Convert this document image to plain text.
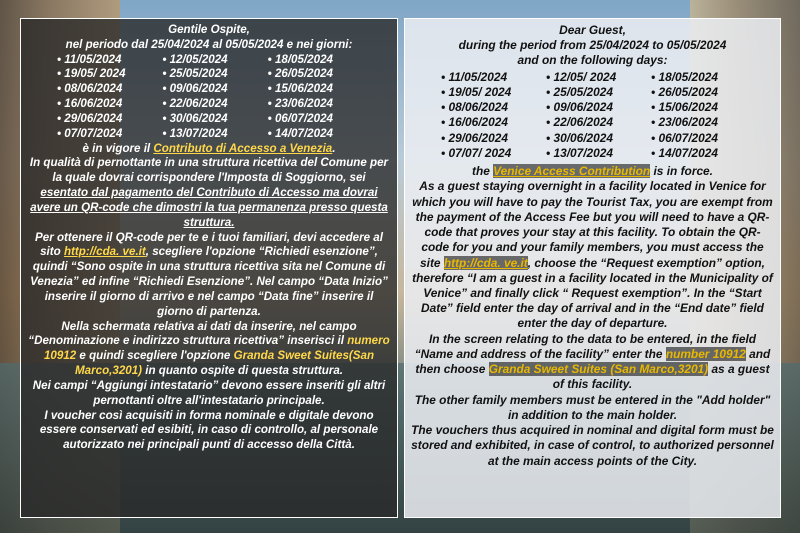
Gentile Ospite,

nel periodo dal 25/04/2024 al 05/05/2024 e nei giorni:

• 11/05/2024	• 12/05/2024	• 18/05/2024
• 19/05/ 2024	• 25/05/2024	• 26/05/2024
• 08/06/2024	• 09/06/2024	• 15/06/2024
• 16/06/2024	• 22/06/2024	• 23/06/2024
• 29/06/2024	• 30/06/2024	• 06/07/2024
• 07/07/2024	• 13/07/2024	• 14/07/2024

è in vigore il Contributo di Accesso a Venezia.

In qualità di pernottante in una struttura ricettiva del Comune per la quale dovrai corrispondere l'Imposta di Soggiorno, sei esentato dal pagamento del Contributo di Accesso ma dovrai avere un QR-code che dimostri la tua permanenza presso questa struttura.

Per ottenere il QR-code per te e i tuoi familiari, devi accedere al sito http://cda. ve.it, scegliere l'opzione “Richiedi esenzione”, quindi “Sono ospite in una struttura ricettiva sita nel Comune di Venezia” ed infine “Richiedi Esenzione”. Nel campo “Data Inizio” inserire il giorno di arrivo e nel campo “Data fine” inserire il giorno di partenza.

Nella schermata relativa ai dati da inserire, nel campo “Denominazione e indirizzo struttura ricettiva” inserisci il numero 10912 e quindi scegliere l'opzione Granda Sweet Suites(San Marco,3201) in quanto ospite di questa struttura.

Nei campi “Aggiungi intestatario” devono essere inseriti gli altri pernottanti oltre all'intestatario principale.

I voucher così acquisiti in forma nominale e digitale devono essere conservati ed esibiti, in caso di controllo, al personale autorizzato nei principali punti di accesso della Città.

Dear Guest,

during the period from 25/04/2024 to 05/05/2024

and on the following days:

• 11/05/2024	• 12/05/ 2024	• 18/05/2024
• 19/05/ 2024	• 25/05/2024	• 26/05/2024
• 08/06/2024	• 09/06/2024	• 15/06/2024
• 16/06/2024	• 22/06/2024	• 23/06/2024
• 29/06/2024	• 30/06/2024	• 06/07/2024
• 07/07/ 2024	• 13/07/2024	• 14/07/2024

the Venice Access Contribution is in force.

As a guest staying overnight in a facility located in Venice for which you will have to pay the Tourist Tax, you are exempt from the payment of the Access Fee but you will need to have a QR-code that proves your stay at this facility. To obtain the QR-code for you and your family members, you must access the site http://cda. ve.it, choose the “Request exemption” option, therefore “I am a guest in a facility located in the Municipality of Venice” and finally click “ Request exemption”. In the “Start Date” field enter the day of arrival and in the “End date” field enter the day of departure.

In the screen relating to the data to be entered, in the field “Name and address of the facility” enter the number 10912 and then choose Granda Sweet Suites (San Marco,3201) as a guest of this facility.

The other family members must be entered in the "Add holder" in addition to the main holder.

The vouchers thus acquired in nominal and digital form must be stored and exhibited, in case of control, to authorized personnel at the main access points of the City.
